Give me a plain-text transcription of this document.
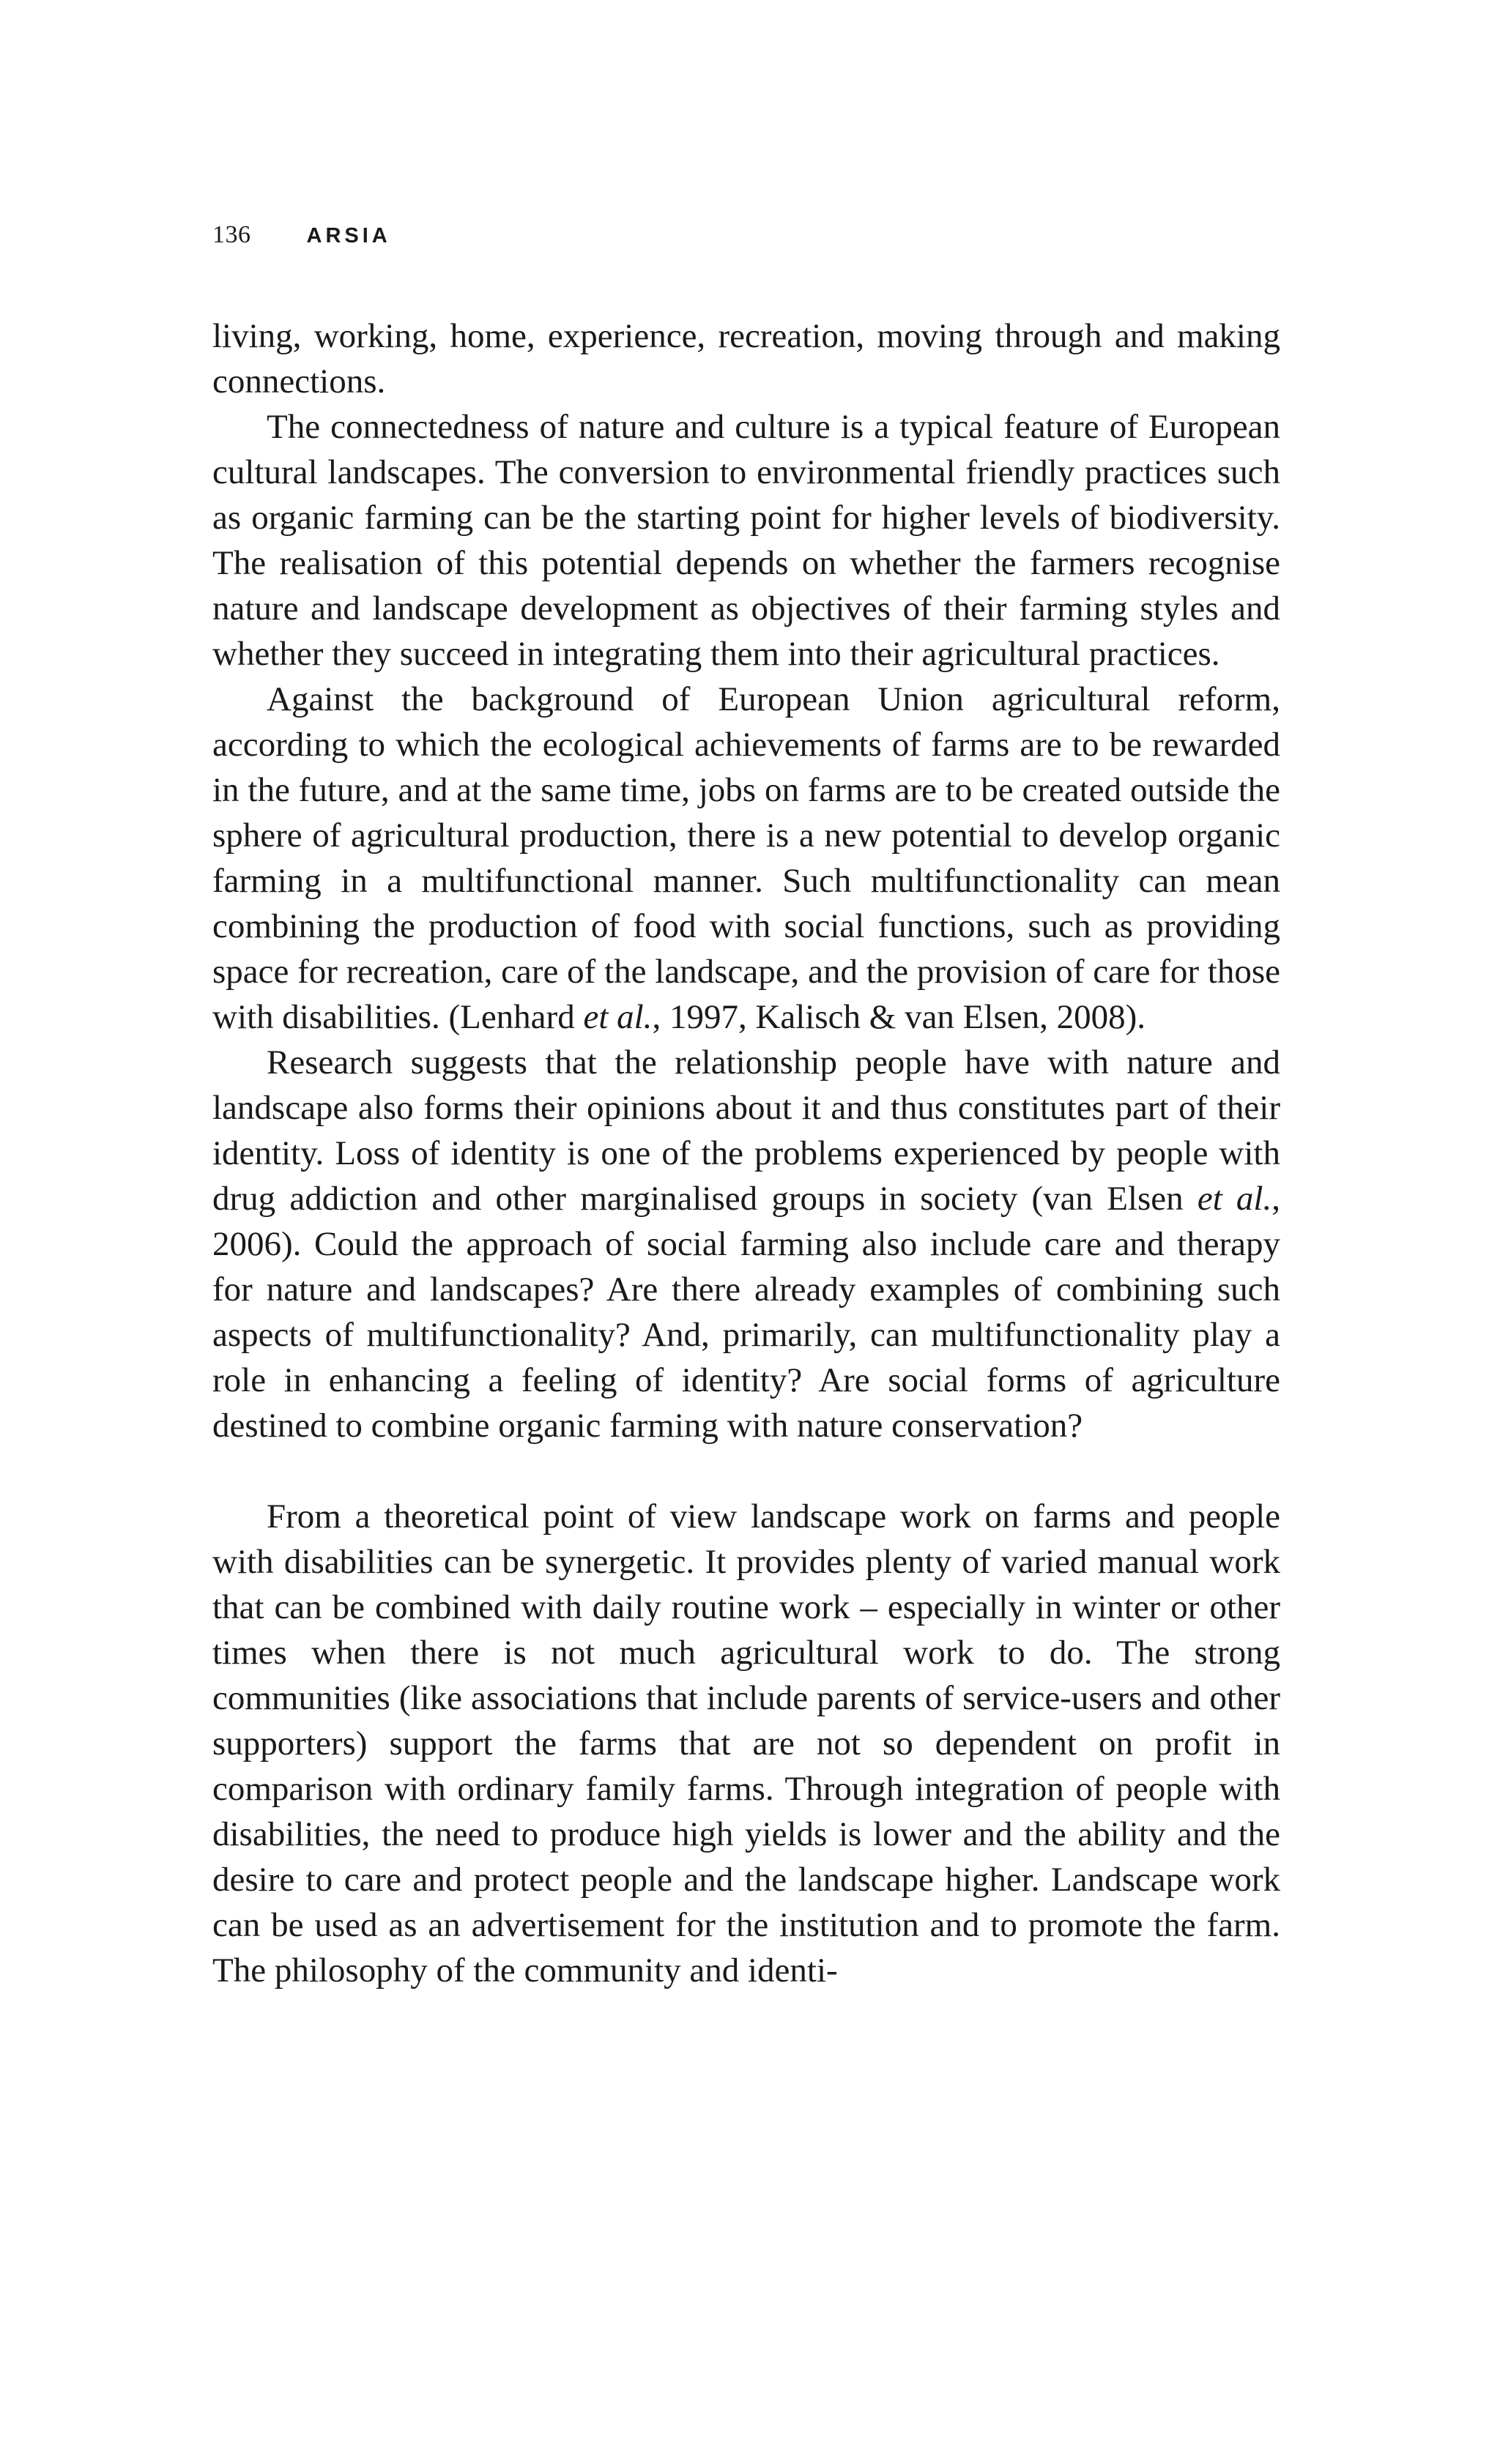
136	ARSIA

living, working, home, experience, recreation, moving through and making connections.

The connectedness of nature and culture is a typical feature of European cultural landscapes. The conversion to environmental friendly practices such as organic farming can be the starting point for higher levels of biodiversity. The realisation of this potential depends on whether the farmers recognise nature and landscape development as objectives of their farming styles and whether they succeed in integrating them into their agricultural practices.

Against the background of European Union agricultural reform, according to which the ecological achievements of farms are to be rewarded in the future, and at the same time, jobs on farms are to be created outside the sphere of agricultural production, there is a new potential to develop organic farming in a multifunctional manner. Such multifunctionality can mean combining the production of food with social functions, such as providing space for recreation, care of the landscape, and the provision of care for those with disabilities. (Lenhard et al., 1997, Kalisch & van Elsen, 2008).

Research suggests that the relationship people have with nature and landscape also forms their opinions about it and thus constitutes part of their identity. Loss of identity is one of the problems experienced by people with drug addiction and other marginalised groups in society (van Elsen et al., 2006). Could the approach of social farming also include care and therapy for nature and landscapes? Are there already examples of combining such aspects of multifunctionality? And, primarily, can multifunctionality play a role in enhancing a feeling of identity? Are social forms of agriculture destined to combine organic farming with nature conservation?

From a theoretical point of view landscape work on farms and people with disabilities can be synergetic. It provides plenty of varied manual work that can be combined with daily routine work – especially in winter or other times when there is not much agricultural work to do. The strong communities (like associations that include parents of service-users and other supporters) support the farms that are not so dependent on profit in comparison with ordinary family farms. Through integration of people with disabilities, the need to produce high yields is lower and the ability and the desire to care and protect people and the landscape higher. Landscape work can be used as an advertisement for the institution and to promote the farm. The philosophy of the community and identi-
